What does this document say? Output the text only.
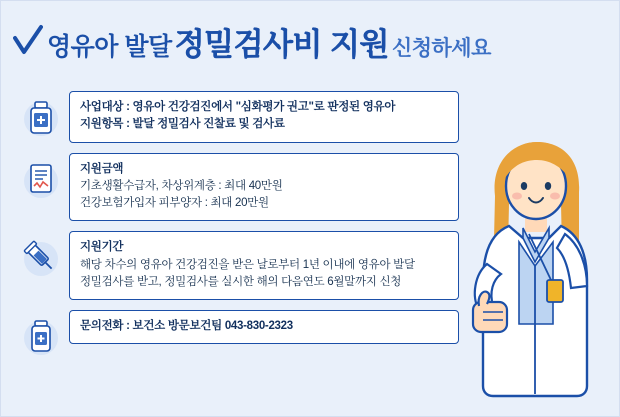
영유아 발달정밀검사비 지원 신청하세요

사업대상 : 영유아 건강검진에서 "심화평가 권고"로 판정된 영유아

지원항목 : 발달 정밀검사 진찰료 및 검사료

지원금액

기초생활수급자, 차상위계층 : 최대 40만원

건강보험가입자 피부양자 : 최대 20만원

지원기간

해당 차수의 영유아 건강검진을 받은 날로부터 1년 이내에 영유아 발달

정밀검사를 받고, 정밀검사를 실시한 해의 다음연도 6월말까지 신청

문의전화 : 보건소 방문보건팀 043-830-2323
